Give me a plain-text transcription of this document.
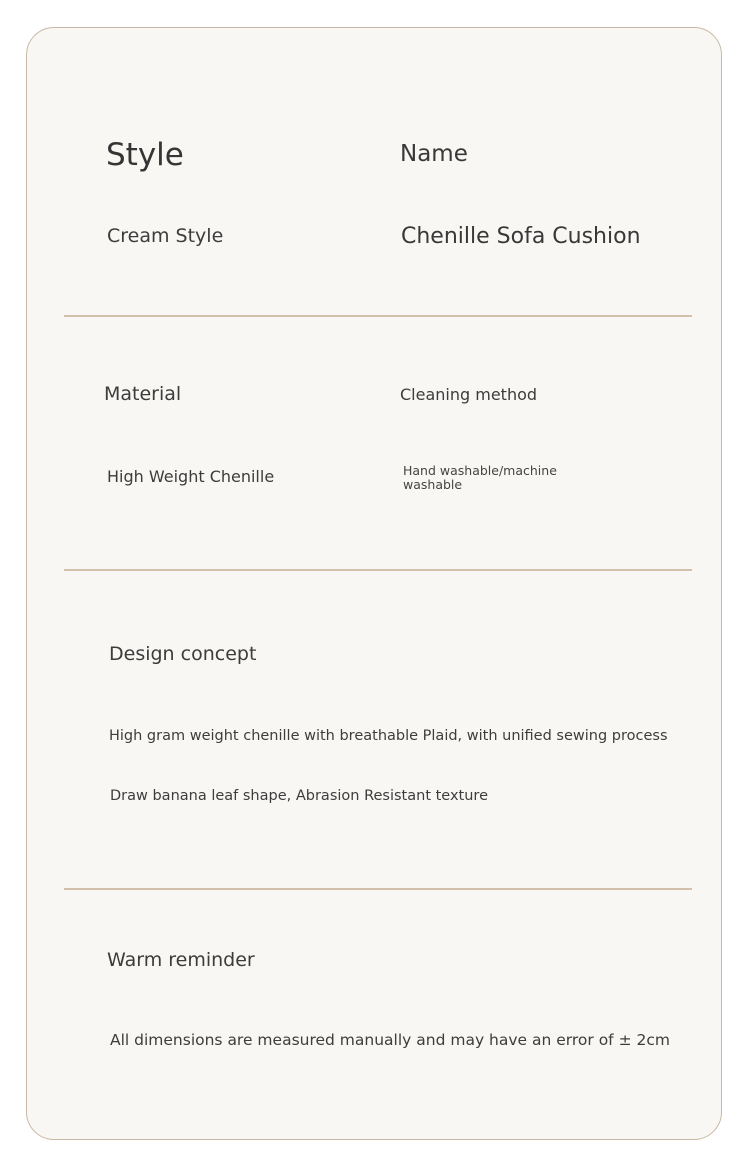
Style	Name
Cream Style	Chenille Sofa Cushion
Material	Cleaning method
High Weight Chenille	Hand washable/machine washable
Design concept
High gram weight chenille with breathable Plaid, with unified sewing process
Draw banana leaf shape, Abrasion Resistant texture
Warm reminder
All dimensions are measured manually and may have an error of ± 2cm
